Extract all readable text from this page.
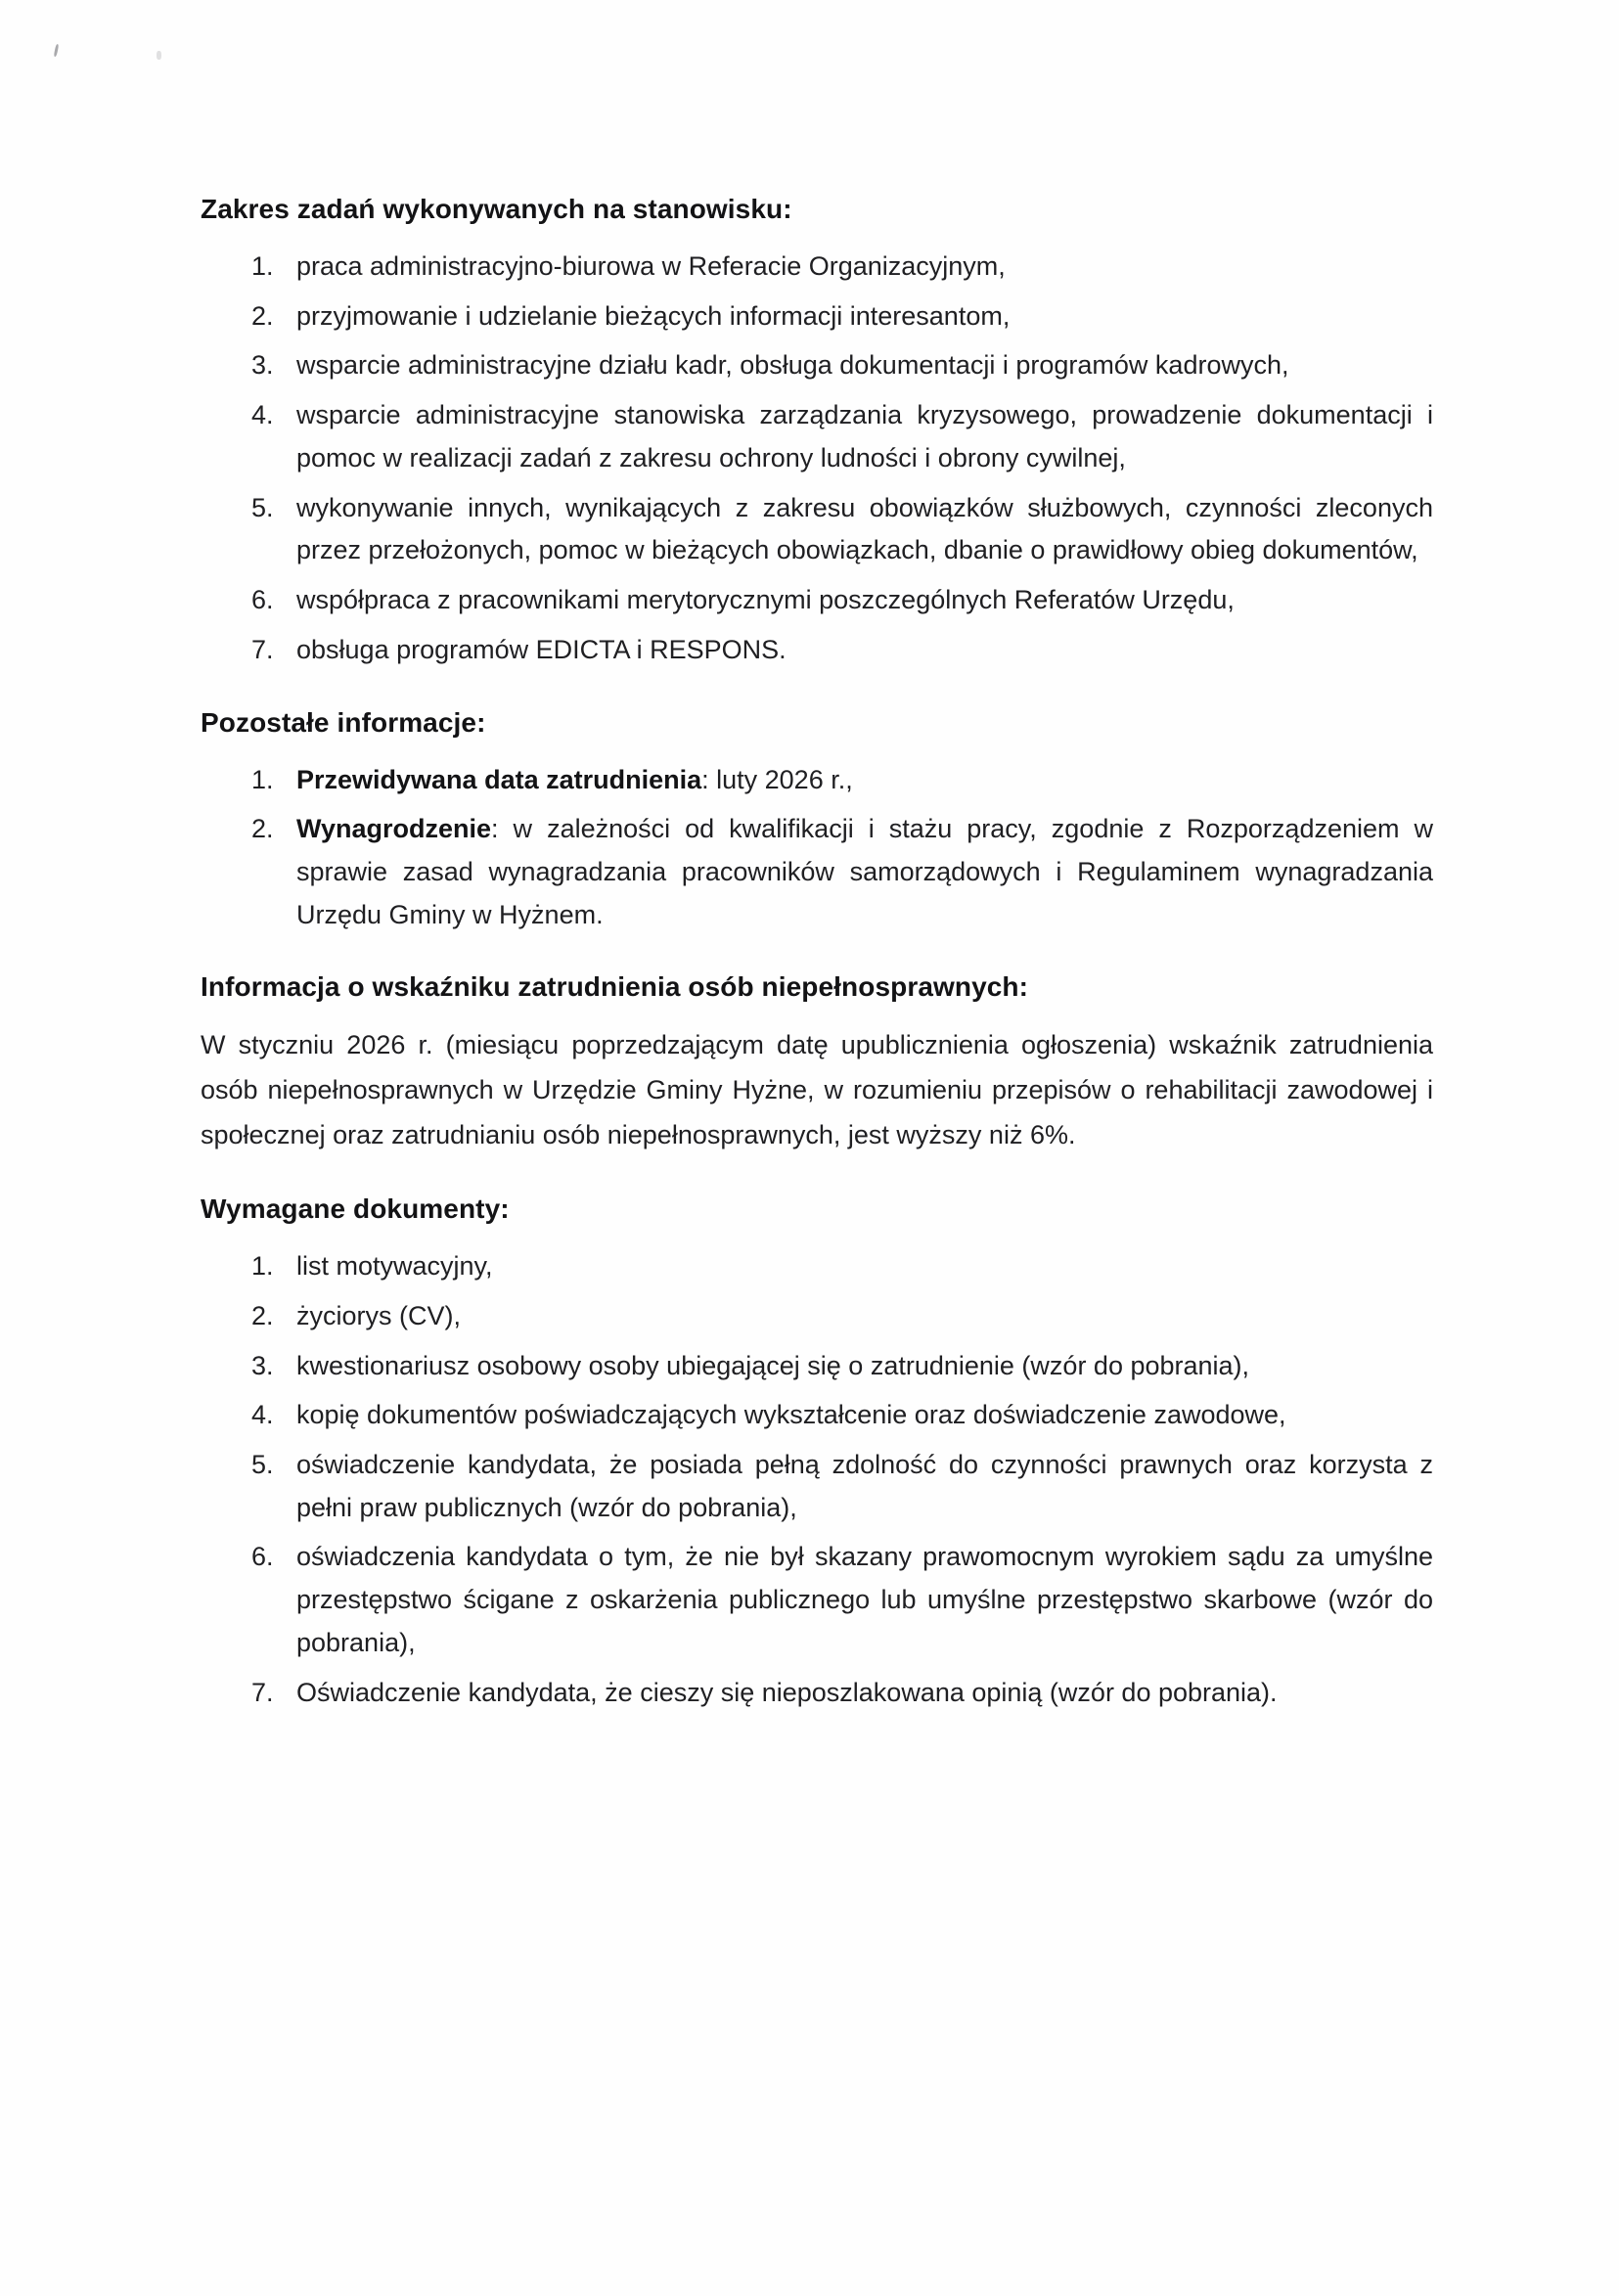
Zakres zadań wykonywanych na stanowisku:
1. praca administracyjno-biurowa w Referacie Organizacyjnym,
2. przyjmowanie i udzielanie bieżących informacji interesantom,
3. wsparcie administracyjne działu kadr, obsługa dokumentacji i programów kadrowych,
4. wsparcie administracyjne stanowiska zarządzania kryzysowego, prowadzenie dokumentacji i pomoc w realizacji zadań z zakresu ochrony ludności i obrony cywilnej,
5. wykonywanie innych, wynikających z zakresu obowiązków służbowych, czynności zleconych przez przełożonych, pomoc w bieżących obowiązkach, dbanie o prawidłowy obieg dokumentów,
6. współpraca z pracownikami merytorycznymi poszczególnych Referatów Urzędu,
7. obsługa programów EDICTA i RESPONS.
Pozostałe informacje:
1. Przewidywana data zatrudnienia: luty 2026 r.,
2. Wynagrodzenie: w zależności od kwalifikacji i stażu pracy, zgodnie z Rozporządzeniem w sprawie zasad wynagradzania pracowników samorządowych i Regulaminem wynagradzania Urzędu Gminy w Hyżnem.
Informacja o wskaźniku zatrudnienia osób niepełnosprawnych:

W styczniu 2026 r. (miesiącu poprzedzającym datę upublicznienia ogłoszenia) wskaźnik zatrudnienia osób niepełnosprawnych w Urzędzie Gminy Hyżne, w rozumieniu przepisów o rehabilitacji zawodowej i społecznej oraz zatrudnianiu osób niepełnosprawnych, jest wyższy niż 6%.

Wymagane dokumenty:
1. list motywacyjny,
2. życiorys (CV),
3. kwestionariusz osobowy osoby ubiegającej się o zatrudnienie (wzór do pobrania),
4. kopię dokumentów poświadczających wykształcenie oraz doświadczenie zawodowe,
5. oświadczenie kandydata, że posiada pełną zdolność do czynności prawnych oraz korzysta z pełni praw publicznych (wzór do pobrania),
6. oświadczenia kandydata o tym, że nie był skazany prawomocnym wyrokiem sądu za umyślne przestępstwo ścigane z oskarżenia publicznego lub umyślne przestępstwo skarbowe (wzór do pobrania),
7. Oświadczenie kandydata, że cieszy się nieposzlakowana opinią (wzór do pobrania).
